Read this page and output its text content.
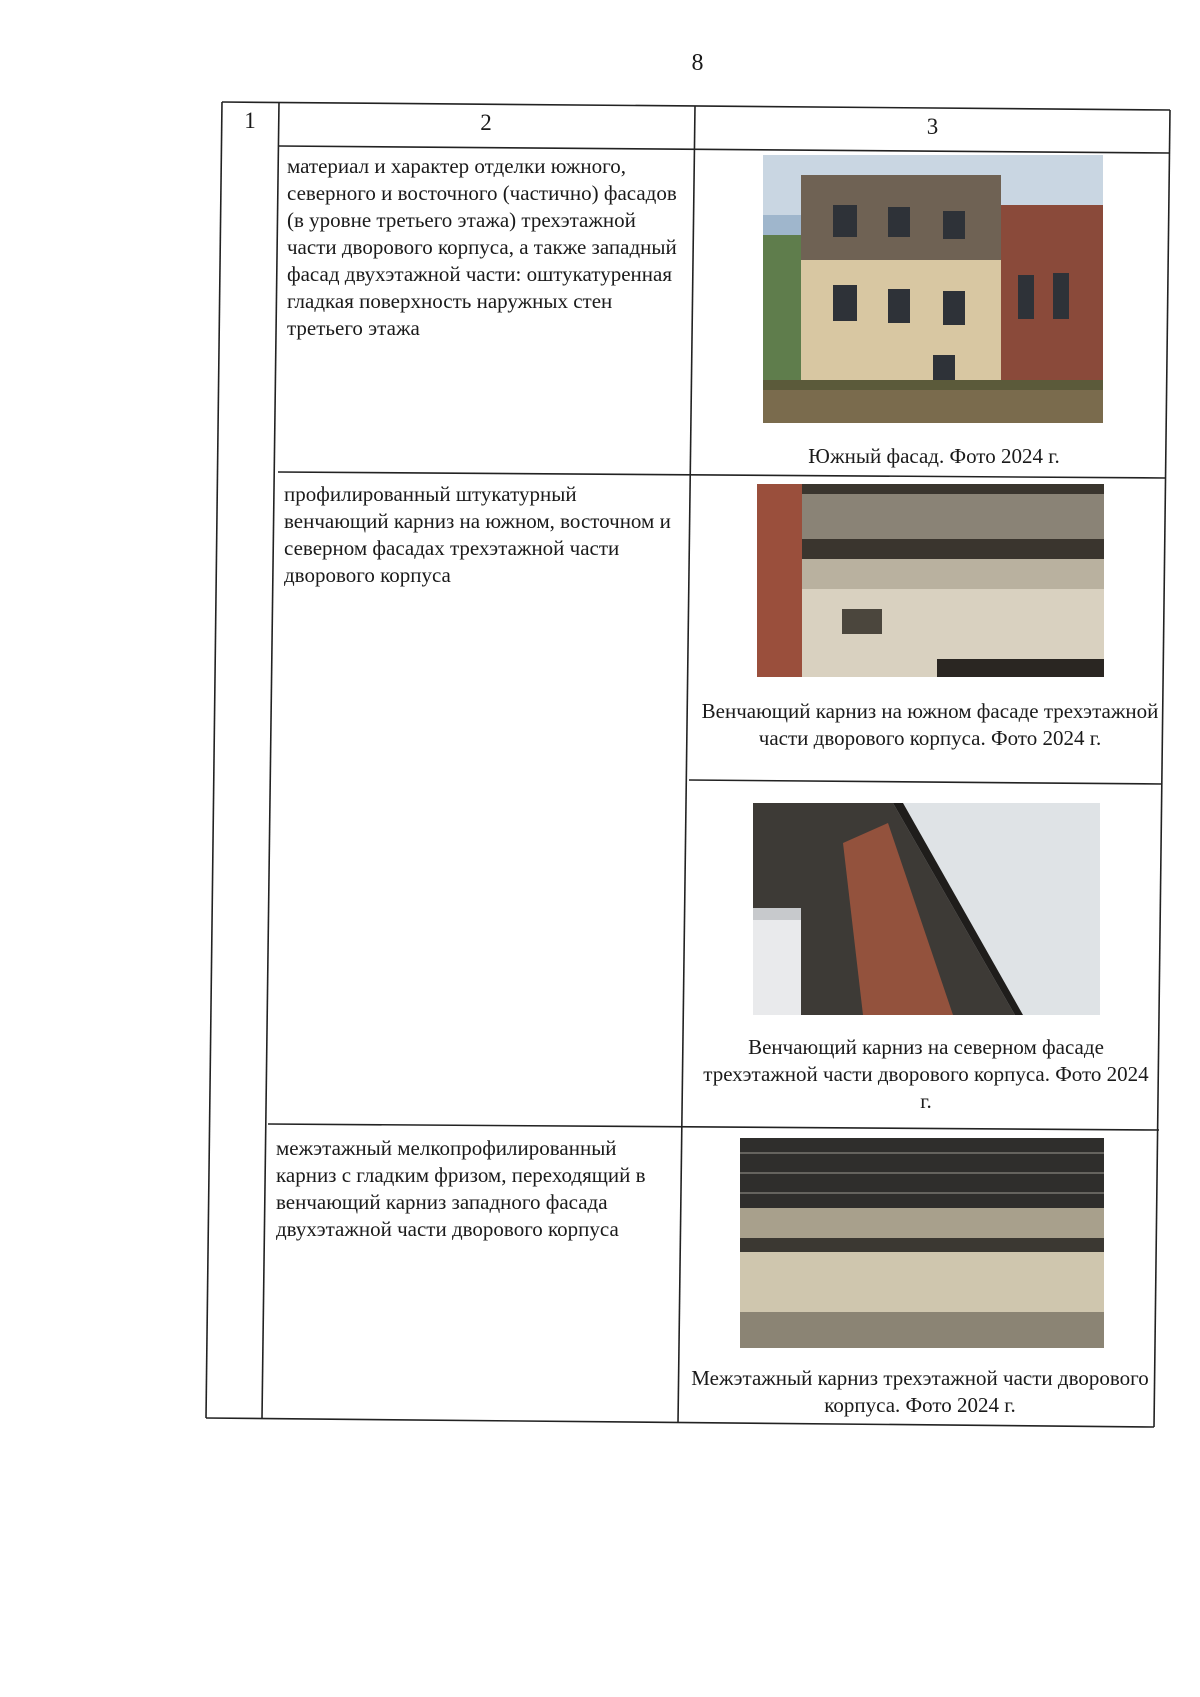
8
1	2	3
материал и характер отделки южного, северного и восточного (частично) фасадов (в уровне третьего этажа) трехэтажной части дворового корпуса, а также западный фасад двухэтажной части: оштукатуренная гладкая поверхность наружных стен третьего этажа
Южный фасад. Фото 2024 г.
профилированный штукатурный венчающий карниз на южном, восточном и северном фасадах трехэтажной части дворового корпуса
Венчающий карниз на южном фасаде трехэтажной части дворового корпуса. Фото 2024 г.
Венчающий карниз на северном фасаде трехэтажной части дворового корпуса. Фото 2024 г.
межэтажный мелкопрофилированный карниз с гладким фризом, переходящий в венчающий карниз западного фасада двухэтажной части дворового корпуса
Межэтажный карниз трехэтажной части дворового корпуса. Фото 2024 г.
